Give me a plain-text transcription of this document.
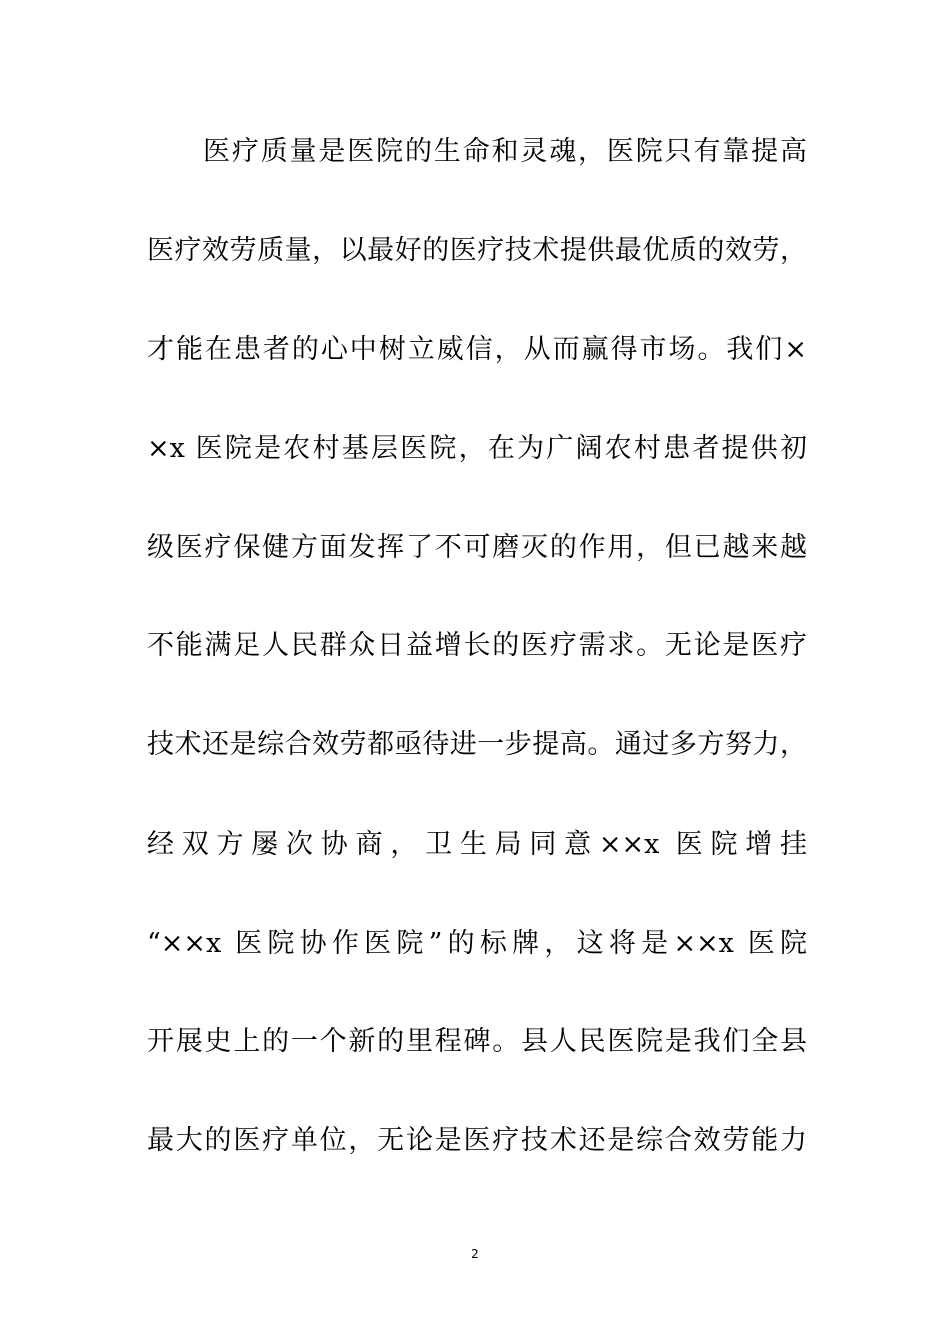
医疗质量是医院的生命和灵魂，医院只有靠提高
医疗效劳质量，以最好的医疗技术提供最优质的效劳，
才能在患者的心中树立威信，从而赢得市场。我们×
×x 医院是农村基层医院，在为广阔农村患者提供初
级医疗保健方面发挥了不可磨灭的作用，但已越来越
不能满足人民群众日益增长的医疗需求。无论是医疗
技术还是综合效劳都亟待进一步提高。通过多方努力，
经双方屡次协商，卫生局同意××x 医院增挂
“××x 医院协作医院”的标牌，这将是××x 医院
开展史上的一个新的里程碑。县人民医院是我们全县
最大的医疗单位，无论是医疗技术还是综合效劳能力
2
